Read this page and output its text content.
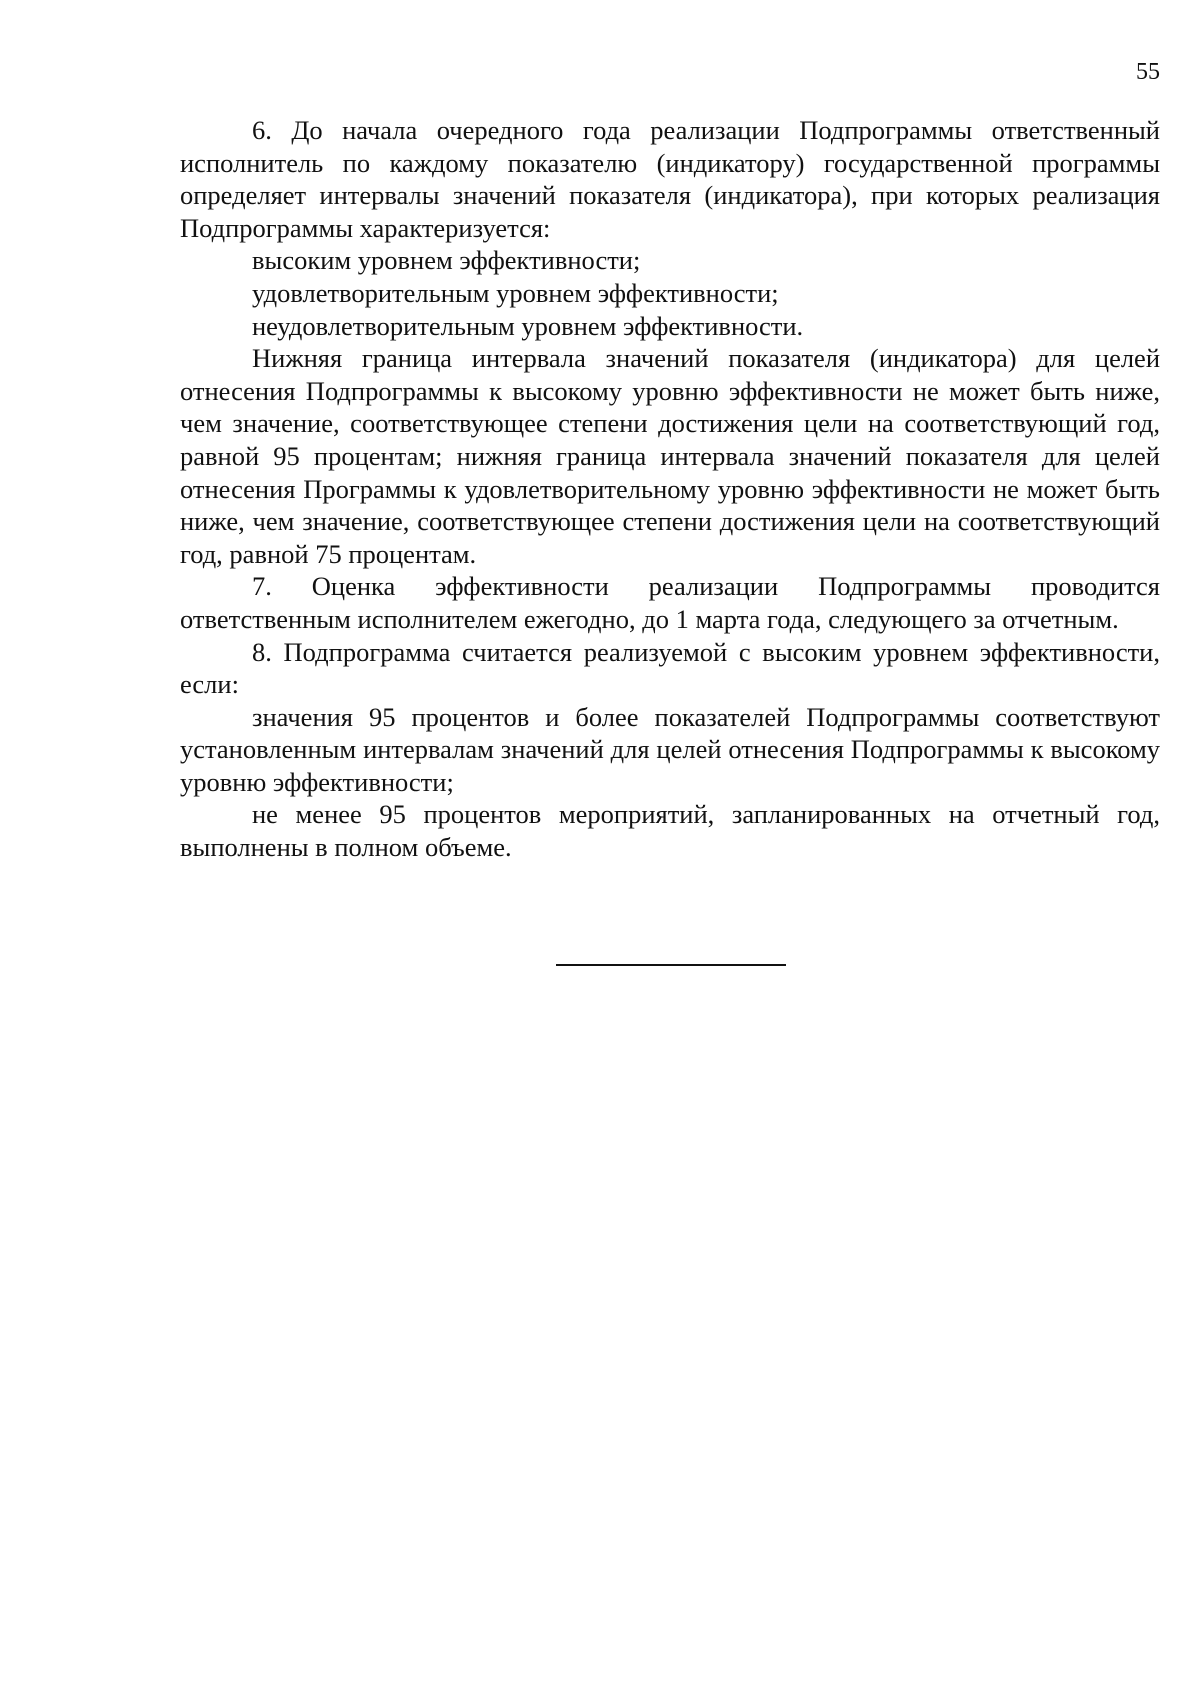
55

6. До начала очередного года реализации Подпрограммы ответственный исполнитель по каждому показателю (индикатору) государственной программы определяет интервалы значений показателя (индикатора), при которых реализация Подпрограммы характеризуется:

высоким уровнем эффективности;

удовлетворительным уровнем эффективности;

неудовлетворительным уровнем эффективности.

Нижняя граница интервала значений показателя (индикатора) для целей отнесения Подпрограммы к высокому уровню эффективности не может быть ниже, чем значение, соответствующее степени достижения цели на соответствующий год, равной 95 процентам; нижняя граница интервала значений показателя для целей отнесения Программы к удовлетворительному уровню эффективности не может быть ниже, чем значение, соответствующее степени достижения цели на соответствующий год, равной 75 процентам.

7. Оценка эффективности реализации Подпрограммы проводится ответственным исполнителем ежегодно, до 1 марта года, следующего за отчетным.

8. Подпрограмма считается реализуемой с высоким уровнем эффективности, если:

значения 95 процентов и более показателей Подпрограммы соответствуют установленным интервалам значений для целей отнесения Подпрограммы к высокому уровню эффективности;

не менее 95 процентов мероприятий, запланированных на отчетный год, выполнены в полном объеме.
